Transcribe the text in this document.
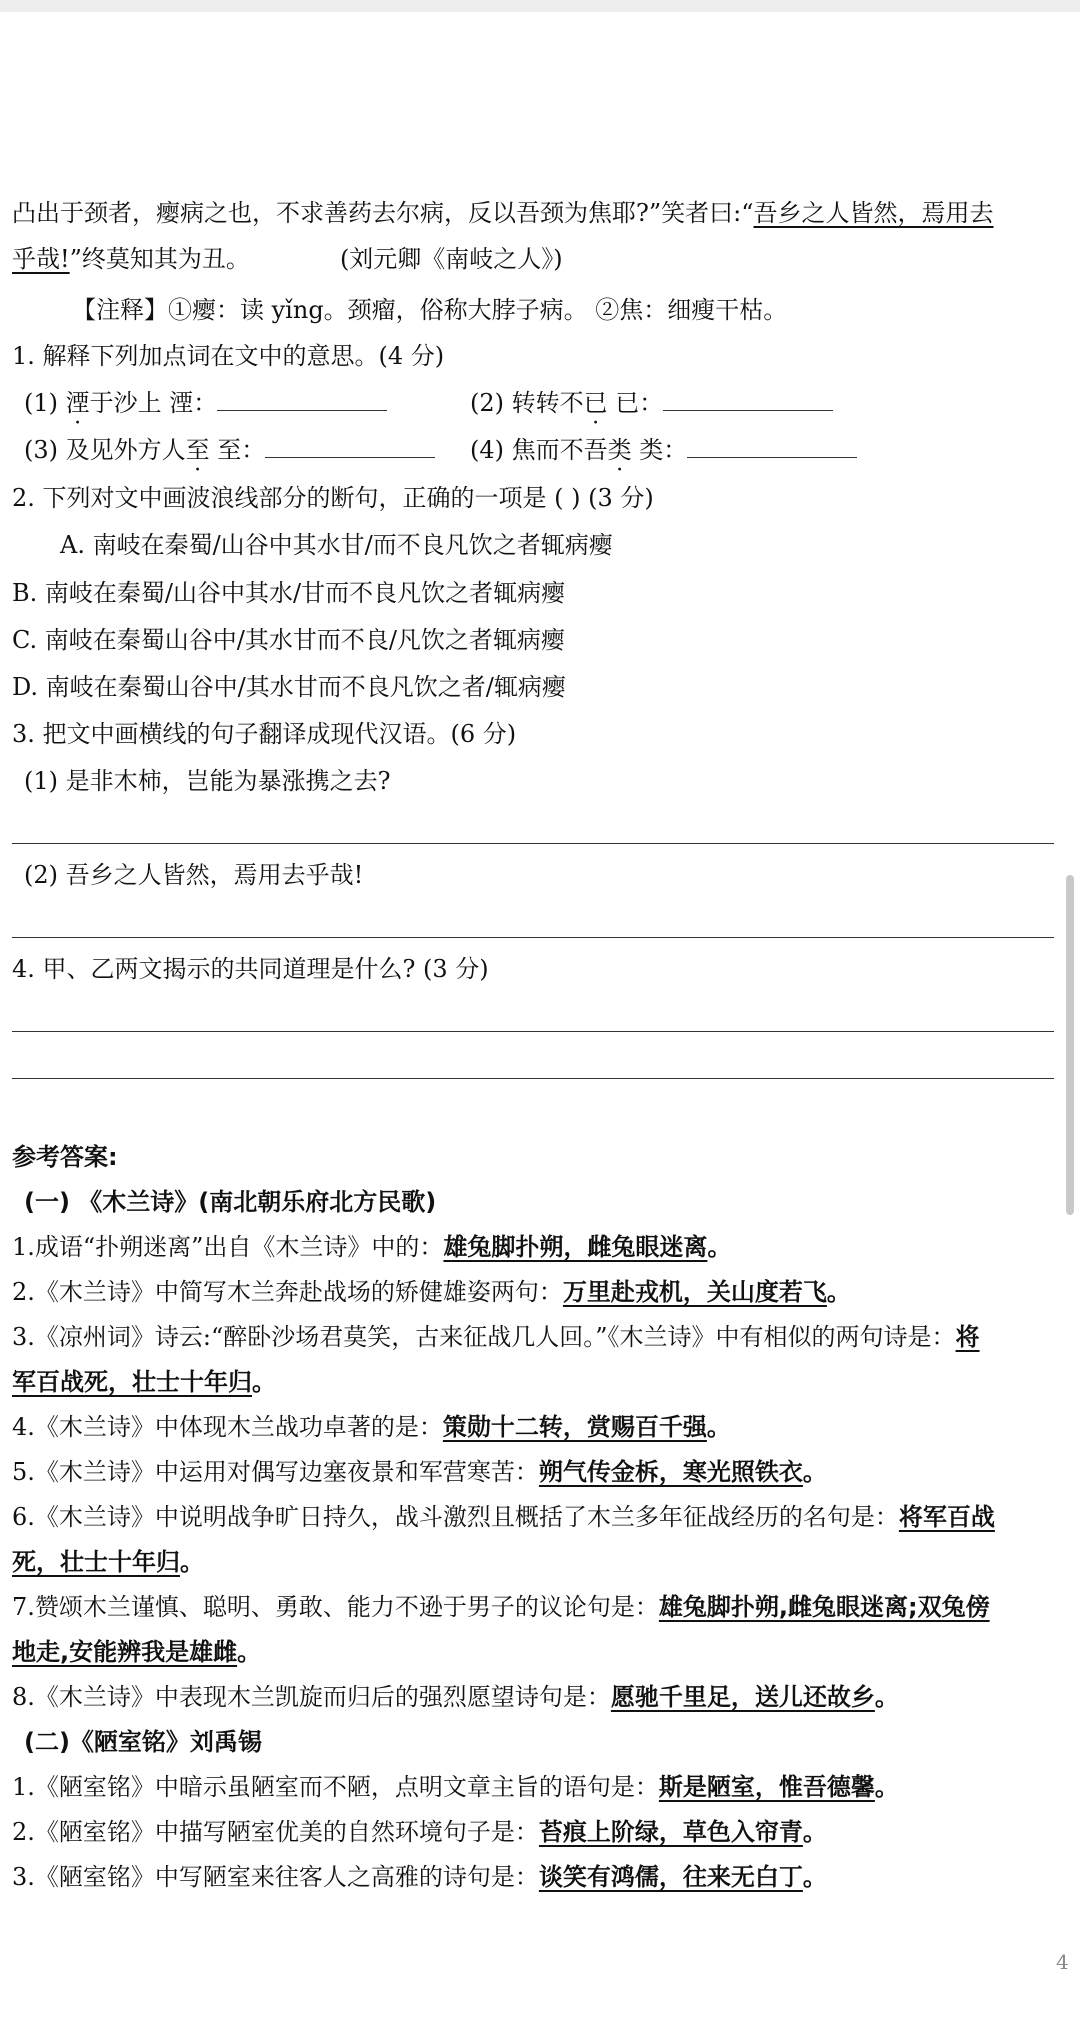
凸出于颈者，瘿病之也，不求善药去尔病，反以吾颈为焦耶?”笑者曰:“吾乡之人皆然，焉用去
乎哉!”终莫知其为丑。	(刘元卿《南岐之人》)
【注释】①瘿：读 yǐng。颈瘤，俗称大脖子病。 ②焦：细瘦干枯。
1. 解释下列加点词在文中的意思。(4 分)
(1) 湮于沙上 湮：	(2) 转转不已 已：
(3) 及见外方人至 至：	(4) 焦而不吾类 类：
2. 下列对文中画波浪线部分的断句，正确的一项是 ( ) (3 分)
A. 南岐在秦蜀/山谷中其水甘/而不良凡饮之者辄病瘿
B. 南岐在秦蜀/山谷中其水/甘而不良凡饮之者辄病瘿
C. 南岐在秦蜀山谷中/其水甘而不良/凡饮之者辄病瘿
D. 南岐在秦蜀山谷中/其水甘而不良凡饮之者/辄病瘿
3. 把文中画横线的句子翻译成现代汉语。(6 分)
(1) 是非木柿，岂能为暴涨携之去?
(2) 吾乡之人皆然，焉用去乎哉!
4. 甲、乙两文揭示的共同道理是什么? (3 分)
参考答案:
(一) 《木兰诗》(南北朝乐府北方民歌)
1.成语“扑朔迷离”出自《木兰诗》中的：雄兔脚扑朔，雌兔眼迷离。
2.《木兰诗》中简写木兰奔赴战场的矫健雄姿两句：万里赴戎机，关山度若飞。
3.《凉州词》诗云:“醉卧沙场君莫笑，古来征战几人回。”《木兰诗》中有相似的两句诗是：将
军百战死，壮士十年归。
4.《木兰诗》中体现木兰战功卓著的是：策勋十二转，赏赐百千强。
5.《木兰诗》中运用对偶写边塞夜景和军营寒苦：朔气传金柝，寒光照铁衣。
6.《木兰诗》中说明战争旷日持久，战斗激烈且概括了木兰多年征战经历的名句是：将军百战
死，壮士十年归。
7.赞颂木兰谨慎、聪明、勇敢、能力不逊于男子的议论句是：雄兔脚扑朔,雌兔眼迷离;双兔傍
地走,安能辨我是雄雌。
8.《木兰诗》中表现木兰凯旋而归后的强烈愿望诗句是：愿驰千里足，送儿还故乡。
(二)《陋室铭》刘禹锡
1.《陋室铭》中暗示虽陋室而不陋，点明文章主旨的语句是：斯是陋室，惟吾德馨。
2.《陋室铭》中描写陋室优美的自然环境句子是：苔痕上阶绿，草色入帘青。
3.《陋室铭》中写陋室来往客人之高雅的诗句是：谈笑有鸿儒，往来无白丁。
4
